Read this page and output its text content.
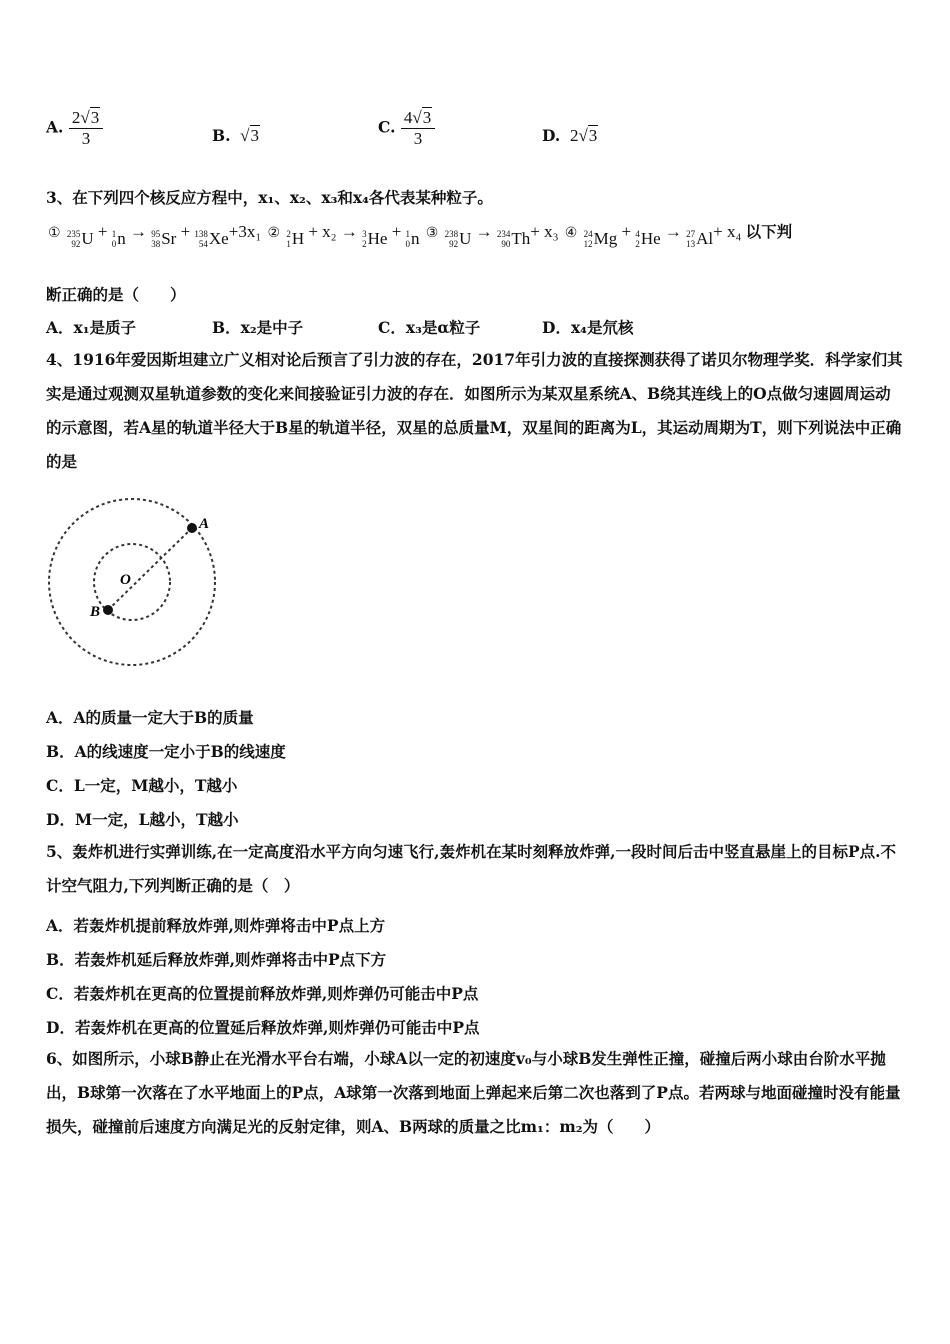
A. $\frac{2√3}{3}$	B.  √3	C. $\frac{4√3}{3}$	D. 2√3
3、在下列四个核反应方程中，x₁、x₂、x₃和x₄各代表某种粒子。
① 235
92 U + 1
0 n → 95
38 Sr + 138
54 Xe +3x₁ ② 2
1 H + x₂ → 3
2 He + 1
0 n ③ 238
92 U → 234
90 Th + x₃ ④ 24
12 Mg + 4
2 He → 27
13 Al + x₄ 以下判
断正确的是（　　）
A．x₁是质子	B．x₂是中子	C．x₃是α粒子	D．x₄是氘核
4、1916年爱因斯坦建立广义相对论后预言了引力波的存在，2017年引力波的直接探测获得了诺贝尔物理学奖．科学家们其实是通过观测双星轨道参数的变化来间接验证引力波的存在．如图所示为某双星系统A、B绕其连线上的O点做匀速圆周运动的示意图，若A星的轨道半径大于B星的轨道半径，双星的总质量M，双星间的距离为L，其运动周期为T，则下列说法中正确的是
A
O
B
A．A的质量一定大于B的质量
B．A的线速度一定小于B的线速度
C．L一定，M越小，T越小
D．M一定，L越小，T越小
5、轰炸机进行实弹训练,在一定高度沿水平方向匀速飞行,轰炸机在某时刻释放炸弹,一段时间后击中竖直悬崖上的目标P点.不计空气阻力,下列判断正确的是（　）
A．若轰炸机提前释放炸弹,则炸弹将击中P点上方
B．若轰炸机延后释放炸弹,则炸弹将击中P点下方
C．若轰炸机在更高的位置提前释放炸弹,则炸弹仍可能击中P点
D．若轰炸机在更高的位置延后释放炸弹,则炸弹仍可能击中P点
6、如图所示，小球B静止在光滑水平台右端，小球A以一定的初速度v₀与小球B发生弹性正撞，碰撞后两小球由台阶水平抛出，B球第一次落在了水平地面上的P点，A球第一次落到地面上弹起来后第二次也落到了P点。若两球与地面碰撞时没有能量损失，碰撞前后速度方向满足光的反射定律，则A、B两球的质量之比m₁：m₂为（　　）
